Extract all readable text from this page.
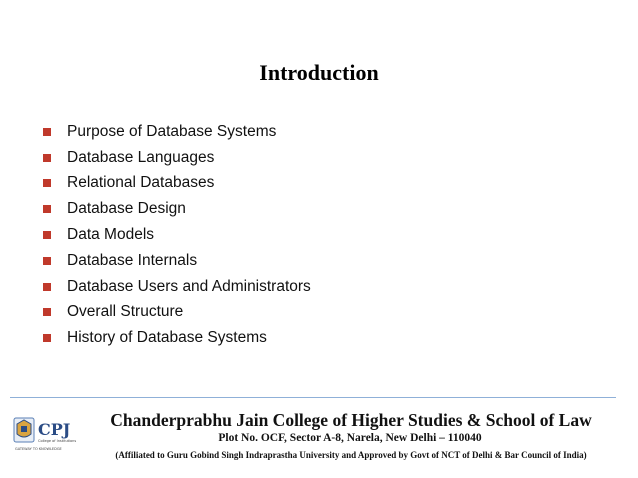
Introduction
Purpose of Database Systems
Database Languages
Relational Databases
Database Design
Data Models
Database Internals
Database Users and Administrators
Overall Structure
History of Database Systems
CPJ
College of Institutions
GATEWAY TO KNOWLEDGE
Chanderprabhu Jain College of Higher Studies & School of Law
Plot No. OCF, Sector A-8, Narela, New Delhi – 110040
(Affiliated to Guru Gobind Singh Indraprastha University and Approved by Govt of NCT of Delhi & Bar Council of India)
